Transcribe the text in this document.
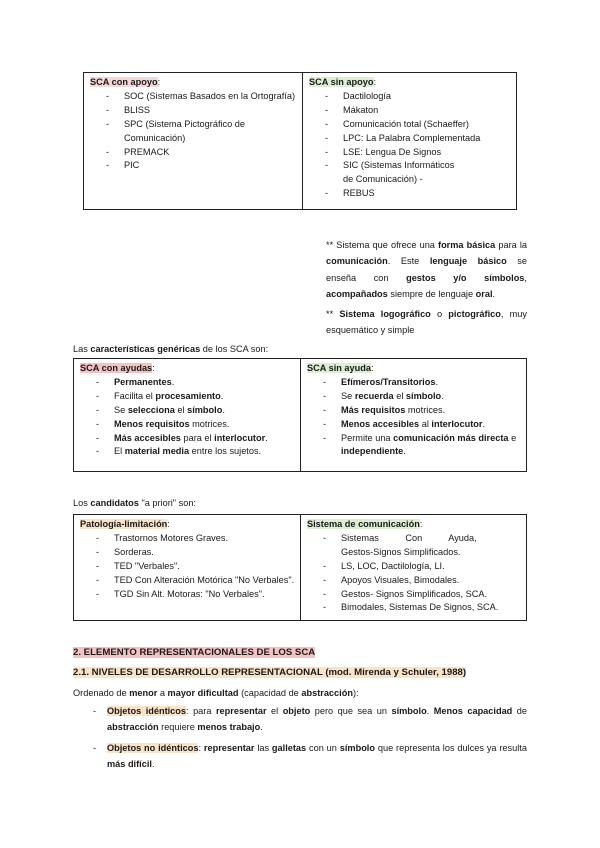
SCA con apoyo:
- SOC (Sistemas Basados en la Ortografía)
- BLISS
- SPC (Sistema Pictográfico de
Comunicación)
- PREMACK
- PIC

SCA sin apoyo:
- Dactilología
- Mákaton
- Comunicación total (Schaeffer)
- LPC: La Palabra Complementada
- LSE: Lengua De Signos
- SIC (Sistemas Informáticos
de Comunicación) -
- REBUS
** Sistema que ofrece una forma básica para la comunicación. Este lenguaje básico se enseña con gestos y/o símbolos, acompañados siempre de lenguaje oral.
** Sistema logográfico o pictográfico, muy esquemático y simple
Las características genéricas de los SCA son:
SCA con ayudas:
- Permanentes.
- Facilita el procesamiento.
- Se selecciona el símbolo.
- Menos requisitos motrices.
- Más accesibles para el interlocutor.
- El material media entre los sujetos.

SCA sin ayuda:
- Efímeros/Transitorios.
- Se recuerda el símbolo.
- Más requisitos motrices.
- Menos accesibles al interlocutor.
- Permite una comunicación más directa e independiente.
Los candidatos "a priori" son:
Patología-limitación:
- Trastornos Motores Graves.
- Sorderas.
- TED "Verbales".
- TED Con Alteración Motórica "No Verbales".
- TGD Sin Alt. Motoras: "No Verbales".

Sistema de comunicación:
- Sistemas Con Ayuda,
Gestos-Signos Simplificados.
- LS, LOC, Dactilología, LI.
- Apoyos Visuales, Bimodales.
- Gestos- Signos Simplificados, SCA.
- Bimodales, Sistemas De Signos, SCA.
2. ELEMENTO REPRESENTACIONALES DE LOS SCA
2.1. NIVELES DE DESARROLLO REPRESENTACIONAL (mod. Mirenda y Schuler, 1988)
Ordenado de menor a mayor dificultad (capacidad de abstracción):
- Objetos idénticos: para representar el objeto pero que sea un símbolo. Menos capacidad de abstracción requiere menos trabajo.
- Objetos no idénticos: representar las galletas con un símbolo que representa los dulces ya resulta más difícil.
